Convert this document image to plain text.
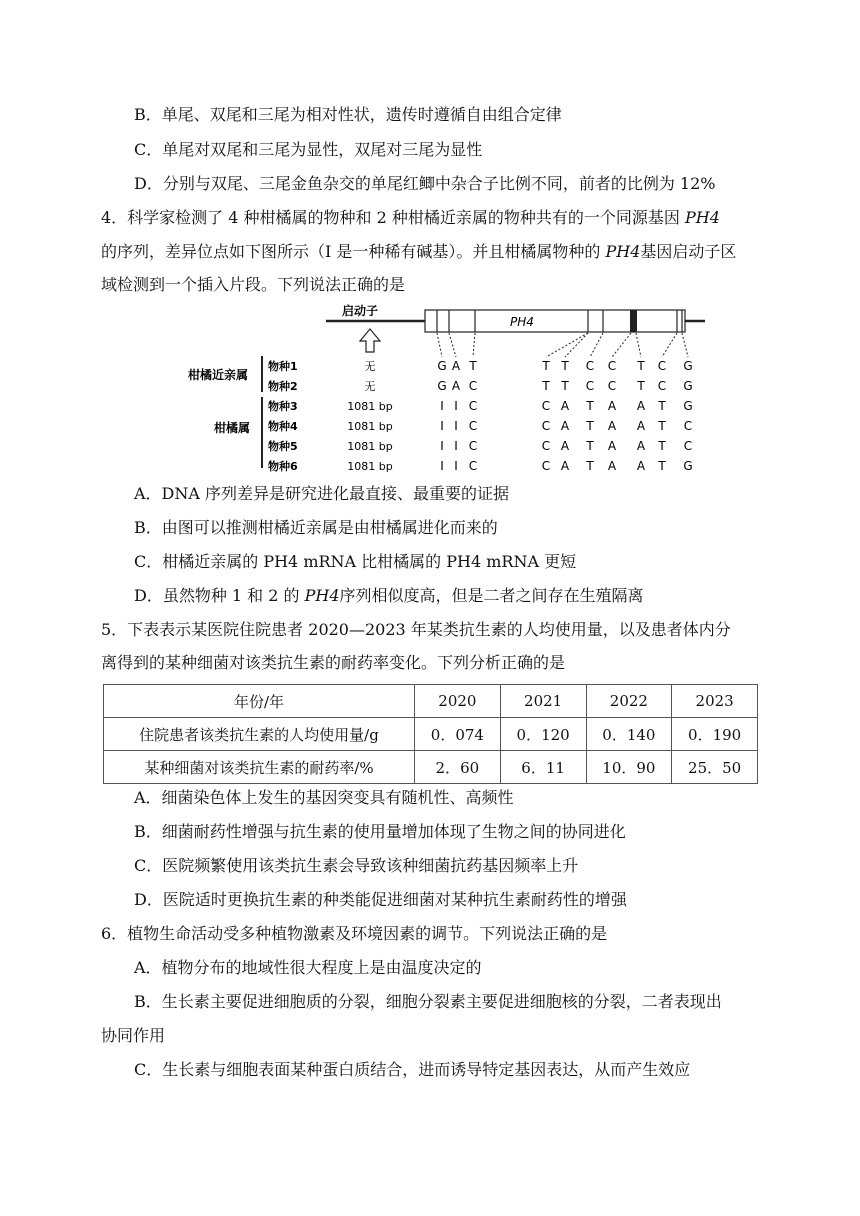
B．单尾、双尾和三尾为相对性状，遗传时遵循自由组合定律
C．单尾对双尾和三尾为显性，双尾对三尾为显性
D．分别与双尾、三尾金鱼杂交的单尾红鲫中杂合子比例不同，前者的比例为 12%
4．科学家检测了 4 种柑橘属的物种和 2 种柑橘近亲属的物种共有的一个同源基因 PH4
的序列，差异位点如下图所示（I 是一种稀有碱基）。并且柑橘属物种的 PH4基因启动子区
域检测到一个插入片段。下列说法正确的是
启动子
PH4
柑橘近亲属
柑橘属
物种1	无	G A T	T T C C T C G
物种2	无	G A C	T T C C T C G
物种3	1081 bp	I I C	C A T A A T G
物种4	1081 bp	I I C	C A T A A T C
物种5	1081 bp	I I C	C A T A A T C
物种6	1081 bp	I I C	C A T A A T G
A．DNA 序列差异是研究进化最直接、最重要的证据
B．由图可以推测柑橘近亲属是由柑橘属进化而来的
C．柑橘近亲属的 PH4 mRNA 比柑橘属的 PH4 mRNA 更短
D．虽然物种 1 和 2 的 PH4序列相似度高，但是二者之间存在生殖隔离
5．下表表示某医院住院患者 2020—2023 年某类抗生素的人均使用量，以及患者体内分
离得到的某种细菌对该类抗生素的耐药率变化。下列分析正确的是
年份/年	2020	2021	2022	2023
住院患者该类抗生素的人均使用量/g	0．074	0．120	0．140	0．190
某种细菌对该类抗生素的耐药率/%	2．60	6．11	10．90	25．50
A．细菌染色体上发生的基因突变具有随机性、高频性
B．细菌耐药性增强与抗生素的使用量增加体现了生物之间的协同进化
C．医院频繁使用该类抗生素会导致该种细菌抗药基因频率上升
D．医院适时更换抗生素的种类能促进细菌对某种抗生素耐药性的增强
6．植物生命活动受多种植物激素及环境因素的调节。下列说法正确的是
A．植物分布的地域性很大程度上是由温度决定的
B．生长素主要促进细胞质的分裂，细胞分裂素主要促进细胞核的分裂，二者表现出
协同作用
C．生长素与细胞表面某种蛋白质结合，进而诱导特定基因表达，从而产生效应
